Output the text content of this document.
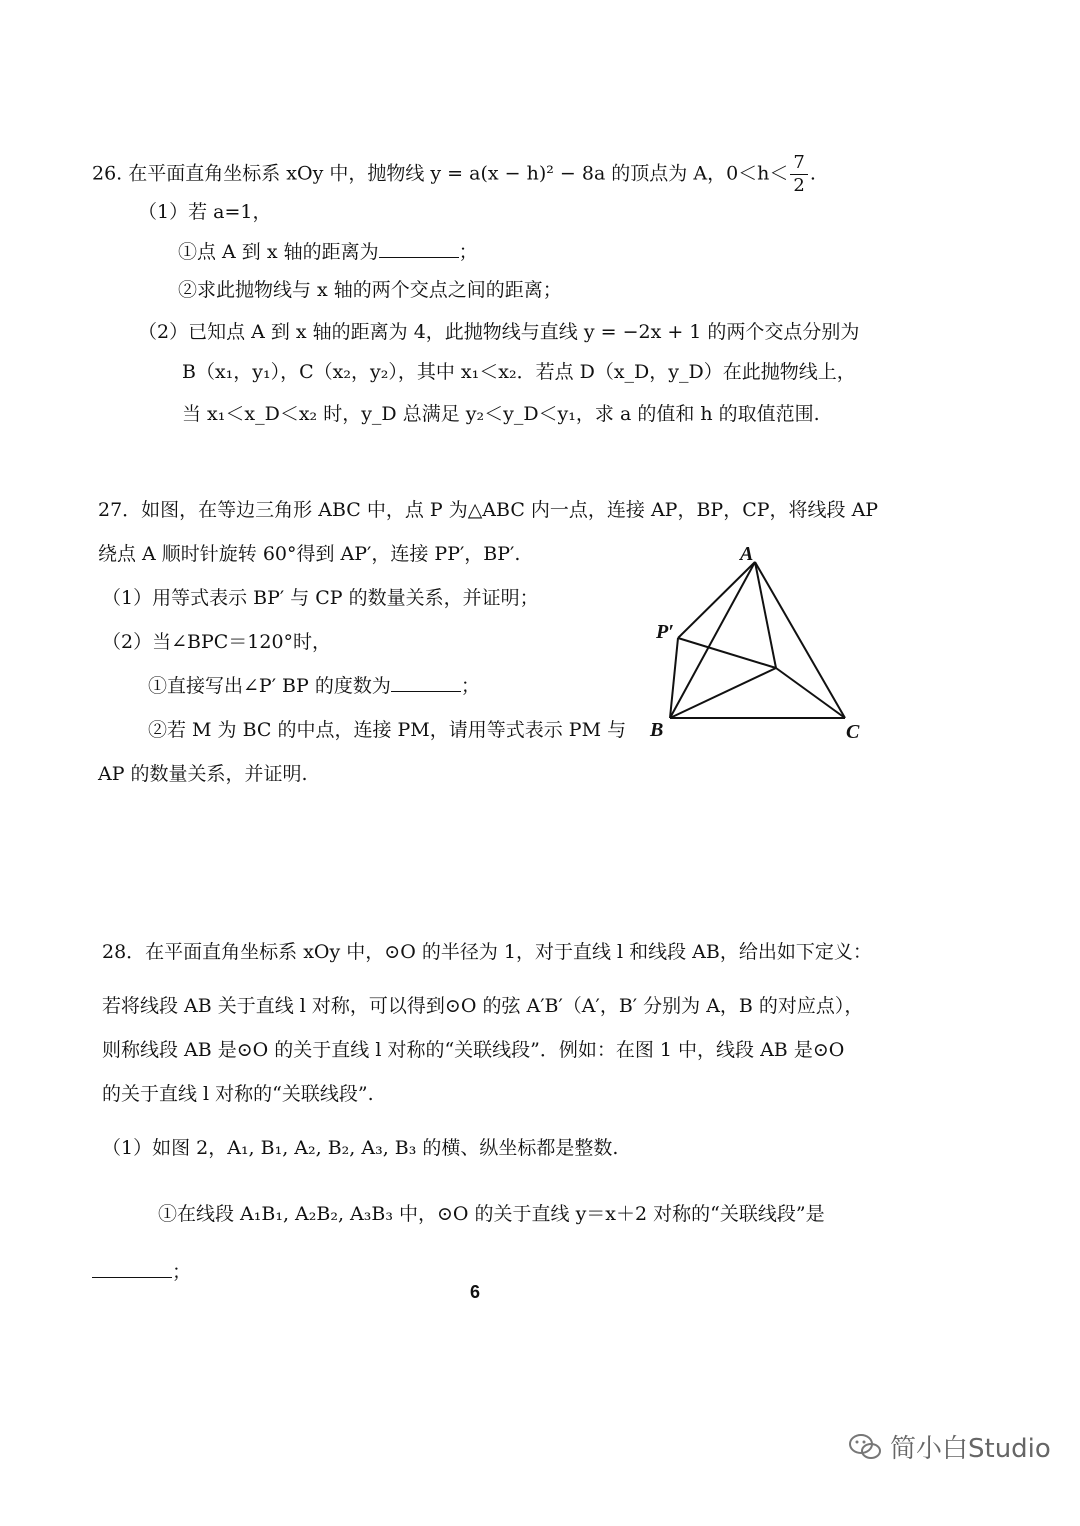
26. 在平面直角坐标系 xOy 中，抛物线 y = a(x − h)² − 8a 的顶点为 A，$0<h< \frac{7}{2}$ .
（1）若 a=1，
①点 A 到 x 轴的距离为	；
②求此抛物线与 x 轴的两个交点之间的距离；
（2）已知点 A 到 x 轴的距离为 4，此抛物线与直线 y = −2x + 1 的两个交点分别为
B（x₁，y₁），C（x₂，y₂），其中 x₁＜x₂．若点 D（x_D，y_D）在此抛物线上，
当 x₁＜x_D＜x₂ 时，y_D 总满足 y₂＜y_D＜y₁，求 a 的值和 h 的取值范围.
27．如图，在等边三角形 ABC 中，点 P 为△ABC 内一点，连接 AP，BP，CP，将线段 AP
绕点 A 顺时针旋转 60°得到 AP′，连接 PP′，BP′.
（1）用等式表示 BP′ 与 CP 的数量关系，并证明；
（2）当∠BPC＝120°时，
①直接写出∠P′ BP 的度数为	；
②若 M 为 BC 的中点，连接 PM，请用等式表示 PM 与
AP 的数量关系，并证明.
A
P′
B	C
28．在平面直角坐标系 xOy 中，⊙O 的半径为 1，对于直线 l 和线段 AB，给出如下定义：
若将线段 AB 关于直线 l 对称，可以得到⊙O 的弦 A′B′（A′，B′ 分别为 A，B 的对应点），
则称线段 AB 是⊙O 的关于直线 l 对称的“关联线段”．例如：在图 1 中，线段 AB 是⊙O
的关于直线 l 对称的“关联线段”.
（1）如图 2，A₁, B₁, A₂, B₂, A₃, B₃ 的横、纵坐标都是整数.
①在线段 A₁B₁, A₂B₂, A₃B₃ 中，⊙O 的关于直线 y＝x＋2 对称的“关联线段”是
；
6
简小白Studio
